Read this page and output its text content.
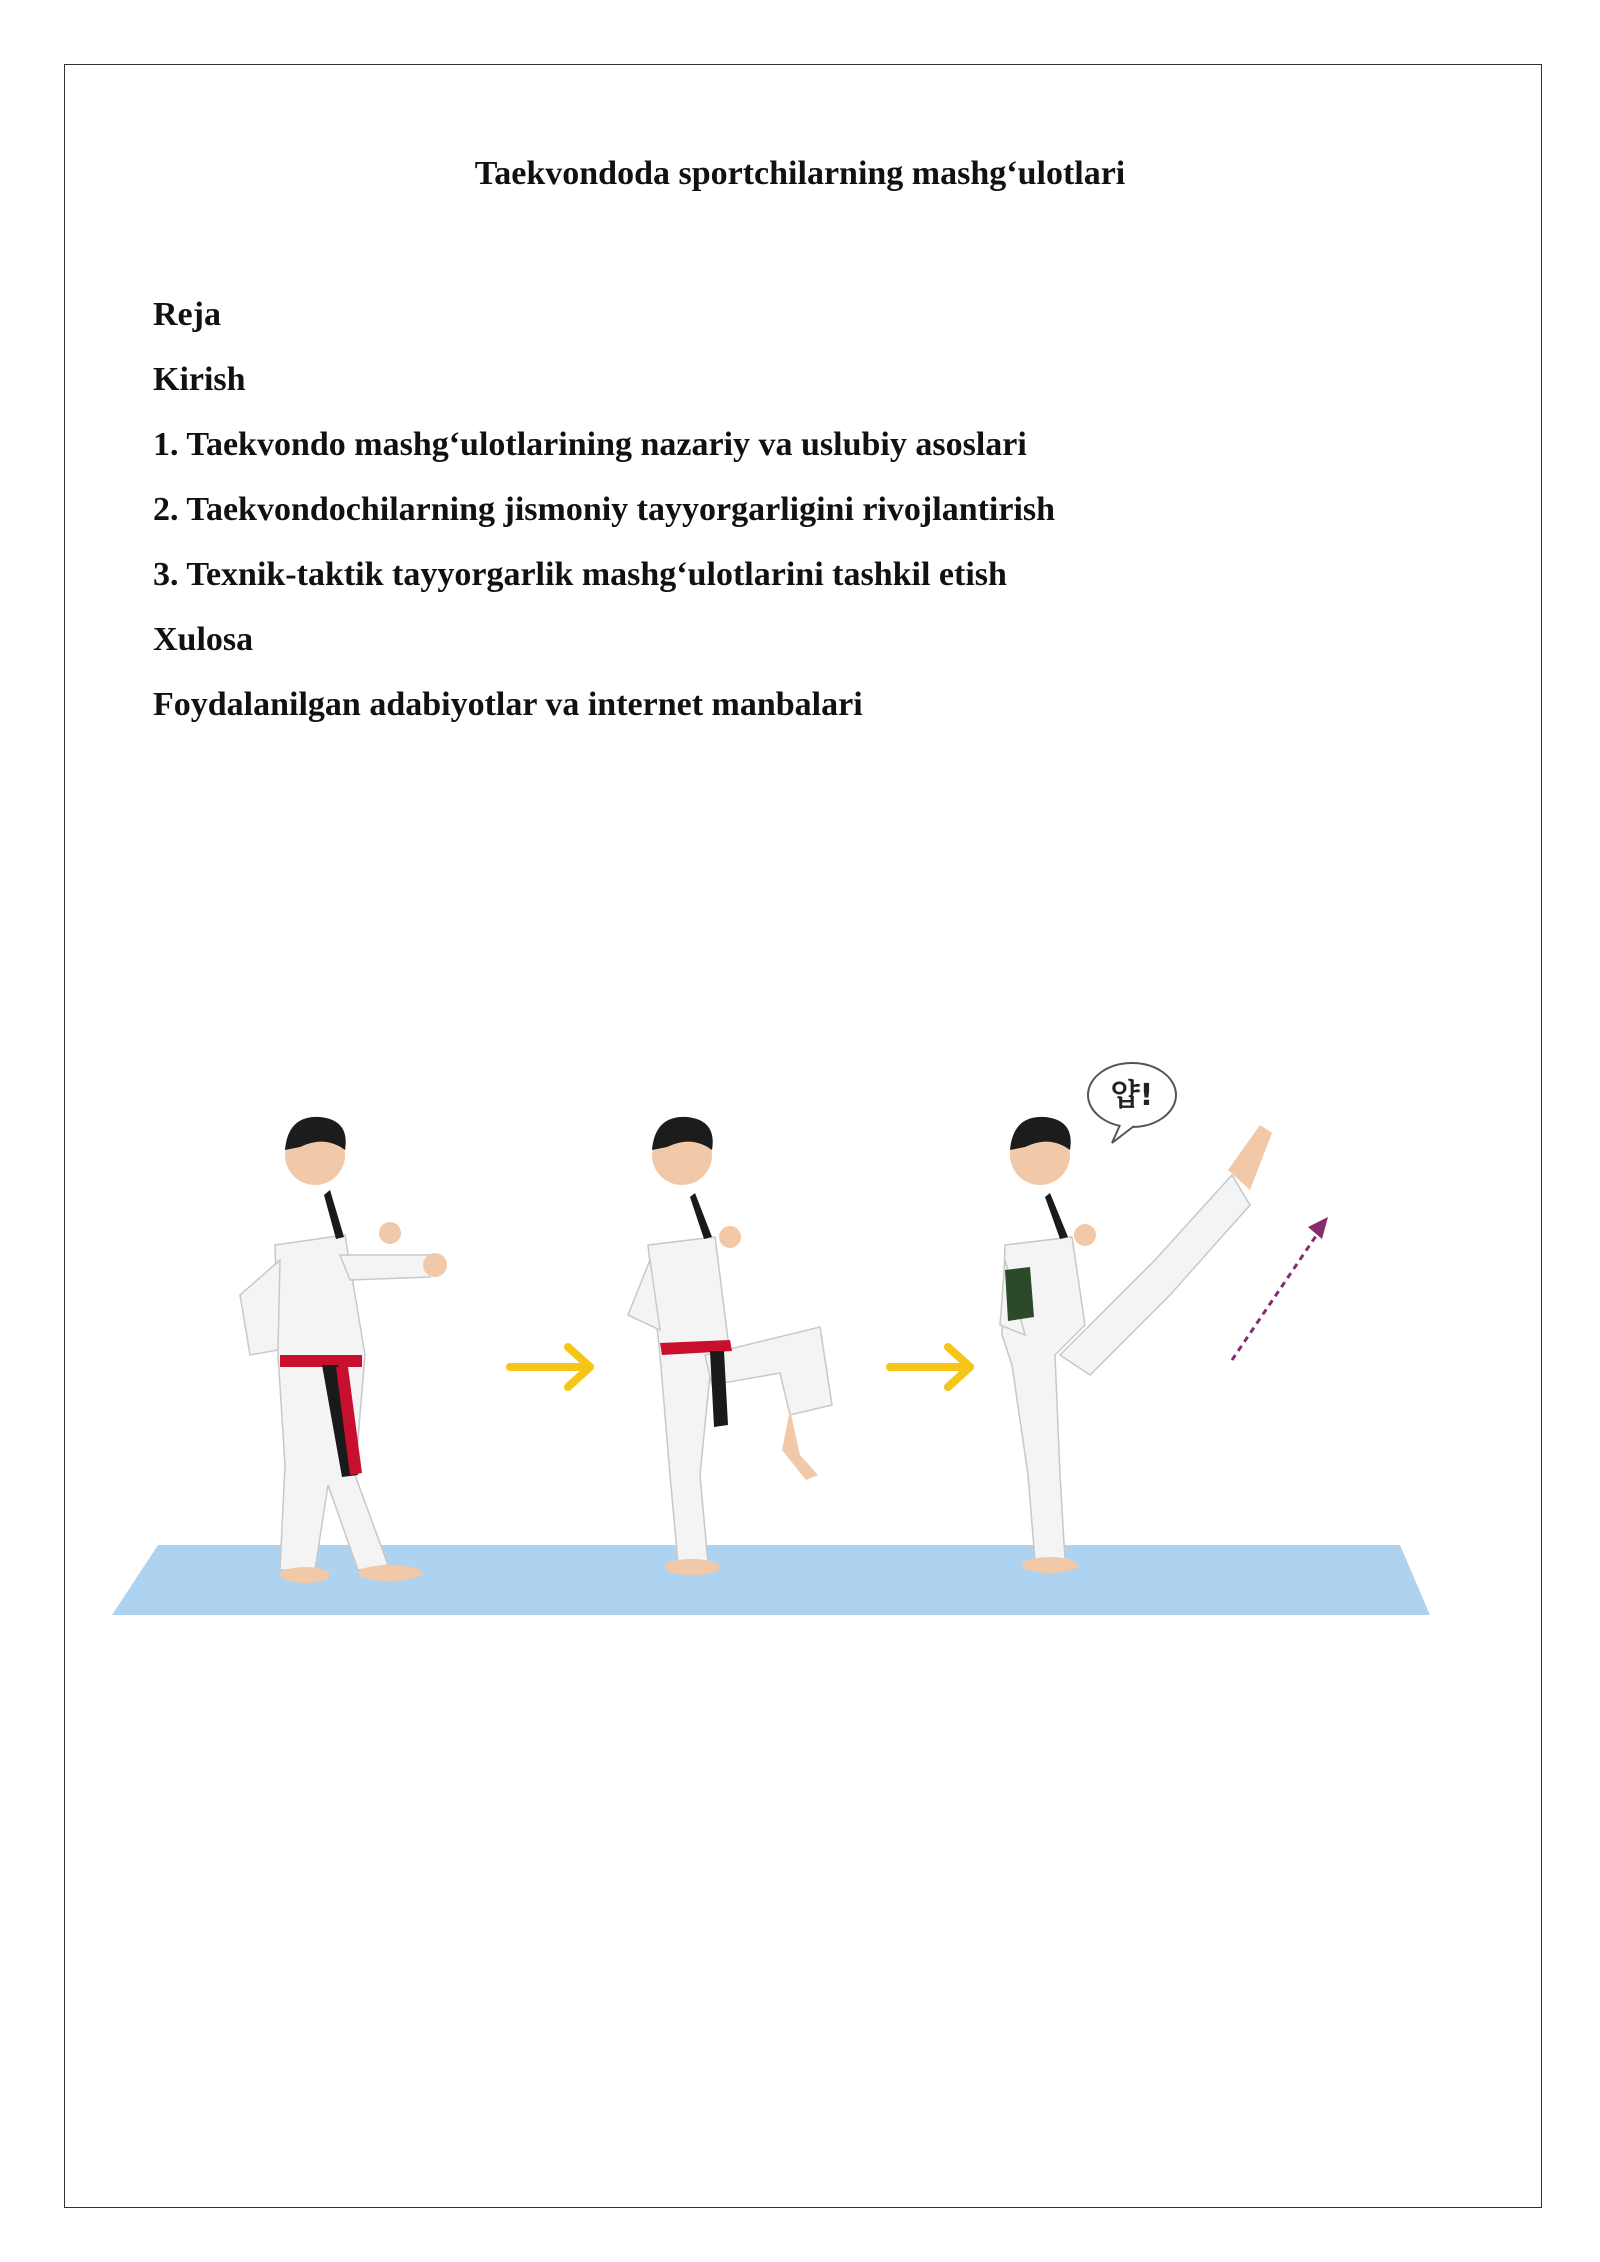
Taekvondoda sportchilarning mashg‘ulotlari
Reja
Kirish
1. Taekvondo mashg‘ulotlarining nazariy va uslubiy asoslari
2. Taekvondochilarning jismoniy tayyorgarligini rivojlantirish
3. Texnik-taktik tayyorgarlik mashg‘ulotlarini tashkil etish
Xulosa
Foydalanilgan adabiyotlar va internet manbalari
얍!
